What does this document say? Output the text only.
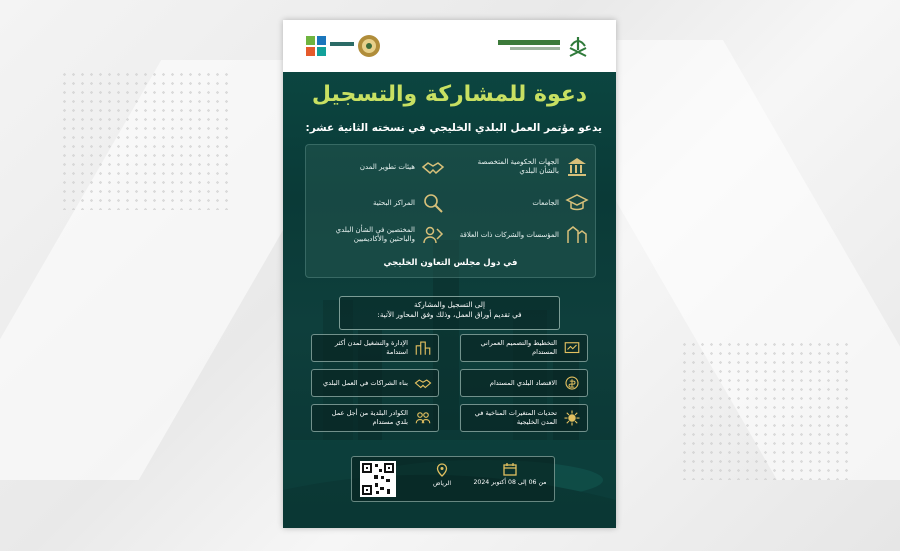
دعوة للمشاركة والتسجيل
يدعو مؤتمر العمل البلدي الخليجي في نسخته الثانية عشر:
الجهات الحكومية المتخصصة بالشأن البلدي
الجامعات
المؤسسات والشركات ذات العلاقة
هيئات تطوير المدن
المراكز البحثية
المختصين في الشأن البلدي والباحثين والأكاديميين
في دول مجلس التعاون الخليجي
إلى التسجيل والمشاركة
في تقديم أوراق العمل، وذلك وفق المحاور الآتية:
التخطيط والتصميم العمراني المستدام
الاقتصاد البلدي المستدام
تحديات المتغيرات المناخية في المدن الخليجية
الإدارة والتشغيل لمدن أكثر استدامة
بناء الشراكات في العمل البلدي
الكوادر البلدية من أجل عمل بلدي مستدام
الرياض	من 06 إلى 08 أكتوبر 2024
